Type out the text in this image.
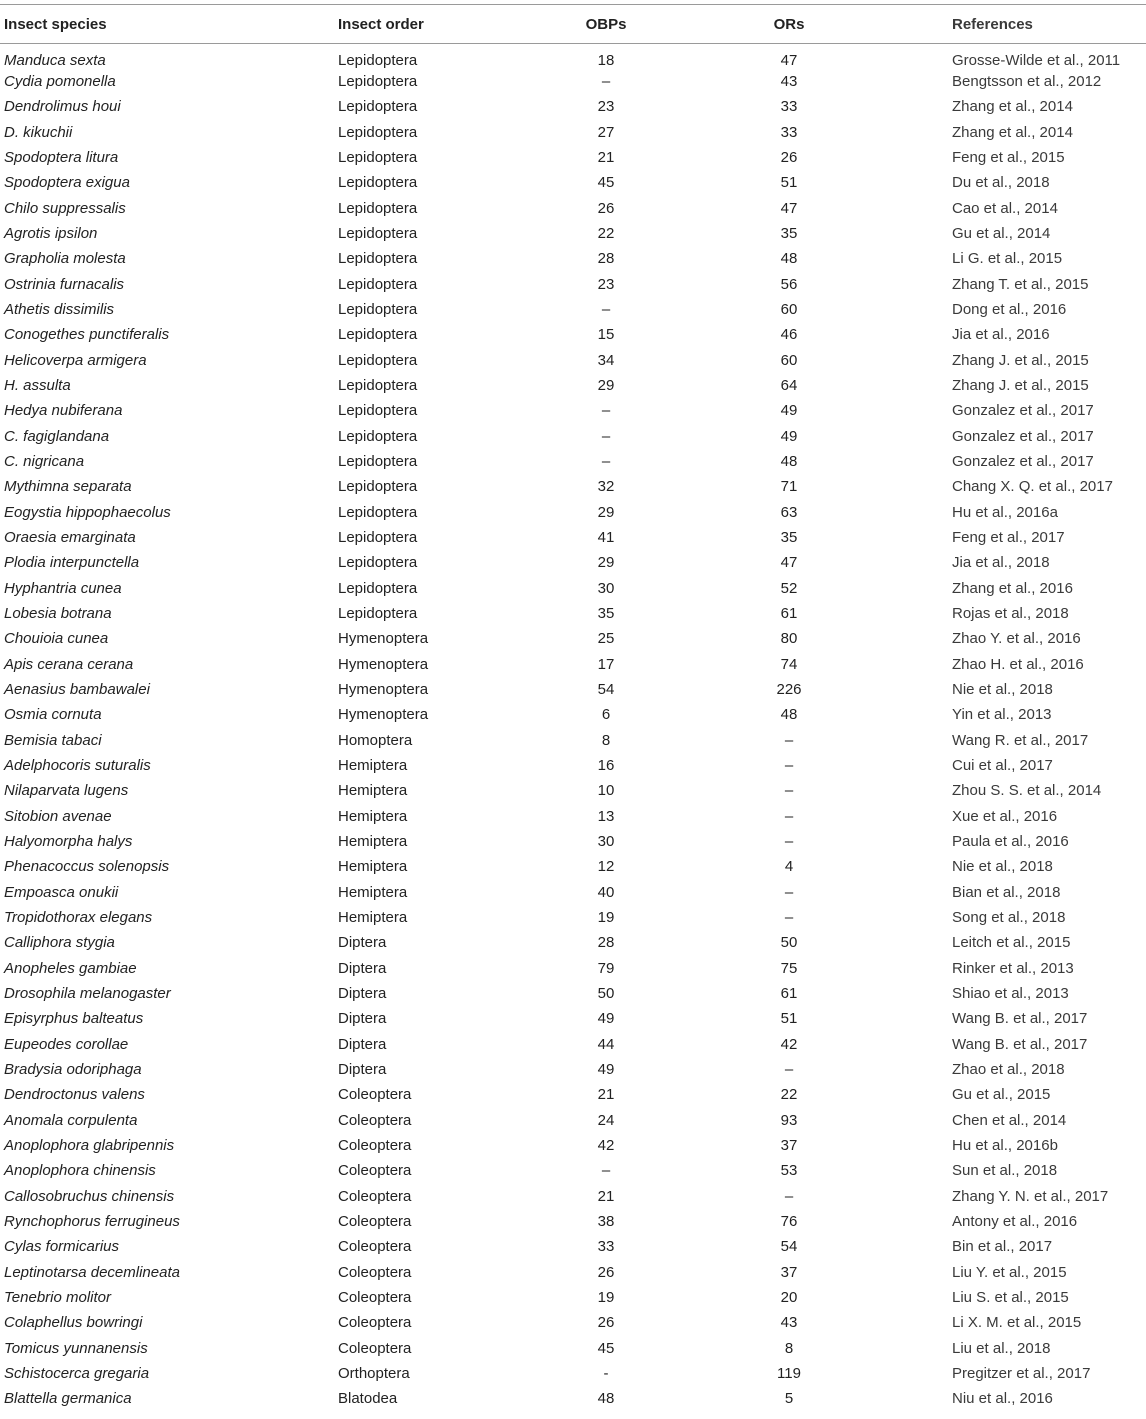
Insect species	Insect order	OBPs	ORs	References
Manduca sexta	Lepidoptera	18	47	Grosse-Wilde et al., 2011
Cydia pomonella	Lepidoptera	–	43	Bengtsson et al., 2012
Dendrolimus houi	Lepidoptera	23	33	Zhang et al., 2014
D. kikuchii	Lepidoptera	27	33	Zhang et al., 2014
Spodoptera litura	Lepidoptera	21	26	Feng et al., 2015
Spodoptera exigua	Lepidoptera	45	51	Du et al., 2018
Chilo suppressalis	Lepidoptera	26	47	Cao et al., 2014
Agrotis ipsilon	Lepidoptera	22	35	Gu et al., 2014
Grapholia molesta	Lepidoptera	28	48	Li G. et al., 2015
Ostrinia furnacalis	Lepidoptera	23	56	Zhang T. et al., 2015
Athetis dissimilis	Lepidoptera	–	60	Dong et al., 2016
Conogethes punctiferalis	Lepidoptera	15	46	Jia et al., 2016
Helicoverpa armigera	Lepidoptera	34	60	Zhang J. et al., 2015
H. assulta	Lepidoptera	29	64	Zhang J. et al., 2015
Hedya nubiferana	Lepidoptera	–	49	Gonzalez et al., 2017
C. fagiglandana	Lepidoptera	–	49	Gonzalez et al., 2017
C. nigricana	Lepidoptera	–	48	Gonzalez et al., 2017
Mythimna separata	Lepidoptera	32	71	Chang X. Q. et al., 2017
Eogystia hippophaecolus	Lepidoptera	29	63	Hu et al., 2016a
Oraesia emarginata	Lepidoptera	41	35	Feng et al., 2017
Plodia interpunctella	Lepidoptera	29	47	Jia et al., 2018
Hyphantria cunea	Lepidoptera	30	52	Zhang et al., 2016
Lobesia botrana	Lepidoptera	35	61	Rojas et al., 2018
Chouioia cunea	Hymenoptera	25	80	Zhao Y. et al., 2016
Apis cerana cerana	Hymenoptera	17	74	Zhao H. et al., 2016
Aenasius bambawalei	Hymenoptera	54	226	Nie et al., 2018
Osmia cornuta	Hymenoptera	6	48	Yin et al., 2013
Bemisia tabaci	Homoptera	8	–	Wang R. et al., 2017
Adelphocoris suturalis	Hemiptera	16	–	Cui et al., 2017
Nilaparvata lugens	Hemiptera	10	–	Zhou S. S. et al., 2014
Sitobion avenae	Hemiptera	13	–	Xue et al., 2016
Halyomorpha halys	Hemiptera	30	–	Paula et al., 2016
Phenacoccus solenopsis	Hemiptera	12	4	Nie et al., 2018
Empoasca onukii	Hemiptera	40	–	Bian et al., 2018
Tropidothorax elegans	Hemiptera	19	–	Song et al., 2018
Calliphora stygia	Diptera	28	50	Leitch et al., 2015
Anopheles gambiae	Diptera	79	75	Rinker et al., 2013
Drosophila melanogaster	Diptera	50	61	Shiao et al., 2013
Episyrphus balteatus	Diptera	49	51	Wang B. et al., 2017
Eupeodes corollae	Diptera	44	42	Wang B. et al., 2017
Bradysia odoriphaga	Diptera	49	–	Zhao et al., 2018
Dendroctonus valens	Coleoptera	21	22	Gu et al., 2015
Anomala corpulenta	Coleoptera	24	93	Chen et al., 2014
Anoplophora glabripennis	Coleoptera	42	37	Hu et al., 2016b
Anoplophora chinensis	Coleoptera	–	53	Sun et al., 2018
Callosobruchus chinensis	Coleoptera	21	–	Zhang Y. N. et al., 2017
Rynchophorus ferrugineus	Coleoptera	38	76	Antony et al., 2016
Cylas formicarius	Coleoptera	33	54	Bin et al., 2017
Leptinotarsa decemlineata	Coleoptera	26	37	Liu Y. et al., 2015
Tenebrio molitor	Coleoptera	19	20	Liu S. et al., 2015
Colaphellus bowringi	Coleoptera	26	43	Li X. M. et al., 2015
Tomicus yunnanensis	Coleoptera	45	8	Liu et al., 2018
Schistocerca gregaria	Orthoptera	-	119	Pregitzer et al., 2017
Blattella germanica	Blatodea	48	5	Niu et al., 2016
